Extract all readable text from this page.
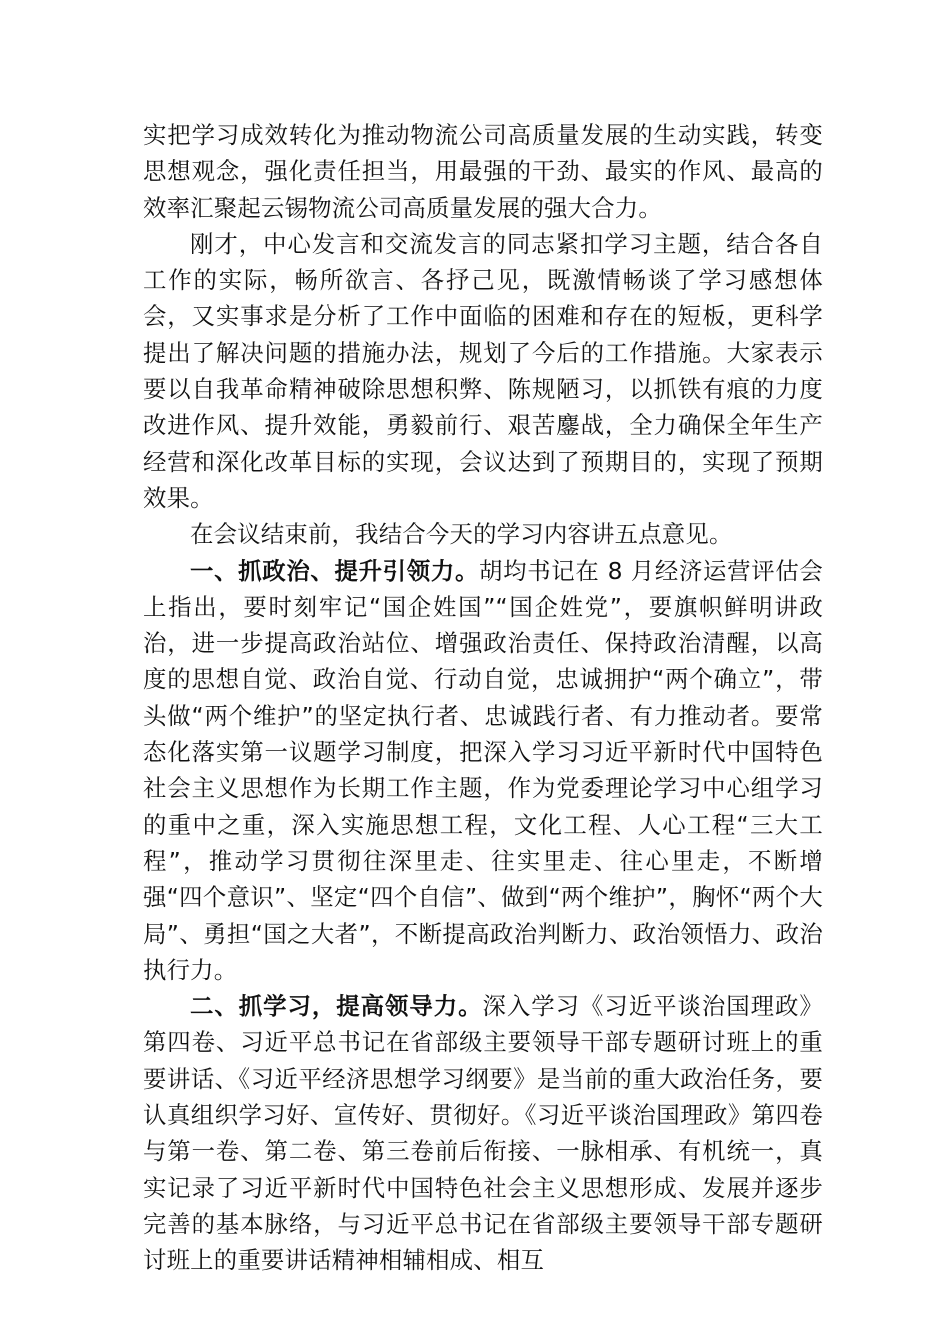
实把学习成效转化为推动物流公司高质量发展的生动实践，转变思想观念，强化责任担当，用最强的干劲、最实的作风、最高的效率汇聚起云锡物流公司高质量发展的强大合力。

刚才，中心发言和交流发言的同志紧扣学习主题，结合各自工作的实际，畅所欲言、各抒己见，既激情畅谈了学习感想体会，又实事求是分析了工作中面临的困难和存在的短板，更科学提出了解决问题的措施办法，规划了今后的工作措施。大家表示要以自我革命精神破除思想积弊、陈规陋习，以抓铁有痕的力度改进作风、提升效能，勇毅前行、艰苦鏖战，全力确保全年生产经营和深化改革目标的实现，会议达到了预期目的，实现了预期效果。

在会议结束前，我结合今天的学习内容讲五点意见。

一、抓政治、提升引领力。胡均书记在 8 月经济运营评估会上指出，要时刻牢记“国企姓国”“国企姓党”，要旗帜鲜明讲政治，进一步提高政治站位、增强政治责任、保持政治清醒，以高度的思想自觉、政治自觉、行动自觉，忠诚拥护“两个确立”，带头做“两个维护”的坚定执行者、忠诚践行者、有力推动者。要常态化落实第一议题学习制度，把深入学习习近平新时代中国特色社会主义思想作为长期工作主题，作为党委理论学习中心组学习的重中之重，深入实施思想工程，文化工程、人心工程“三大工程”，推动学习贯彻往深里走、往实里走、往心里走，不断增强“四个意识”、坚定“四个自信”、做到“两个维护”，胸怀“两个大局”、勇担“国之大者”，不断提高政治判断力、政治领悟力、政治执行力。

二、抓学习，提高领导力。深入学习《习近平谈治国理政》第四卷、习近平总书记在省部级主要领导干部专题研讨班上的重要讲话、《习近平经济思想学习纲要》是当前的重大政治任务，要认真组织学习好、宣传好、贯彻好。《习近平谈治国理政》第四卷与第一卷、第二卷、第三卷前后衔接、一脉相承、有机统一，真实记录了习近平新时代中国特色社会主义思想形成、发展并逐步完善的基本脉络，与习近平总书记在省部级主要领导干部专题研讨班上的重要讲话精神相辅相成、相互
